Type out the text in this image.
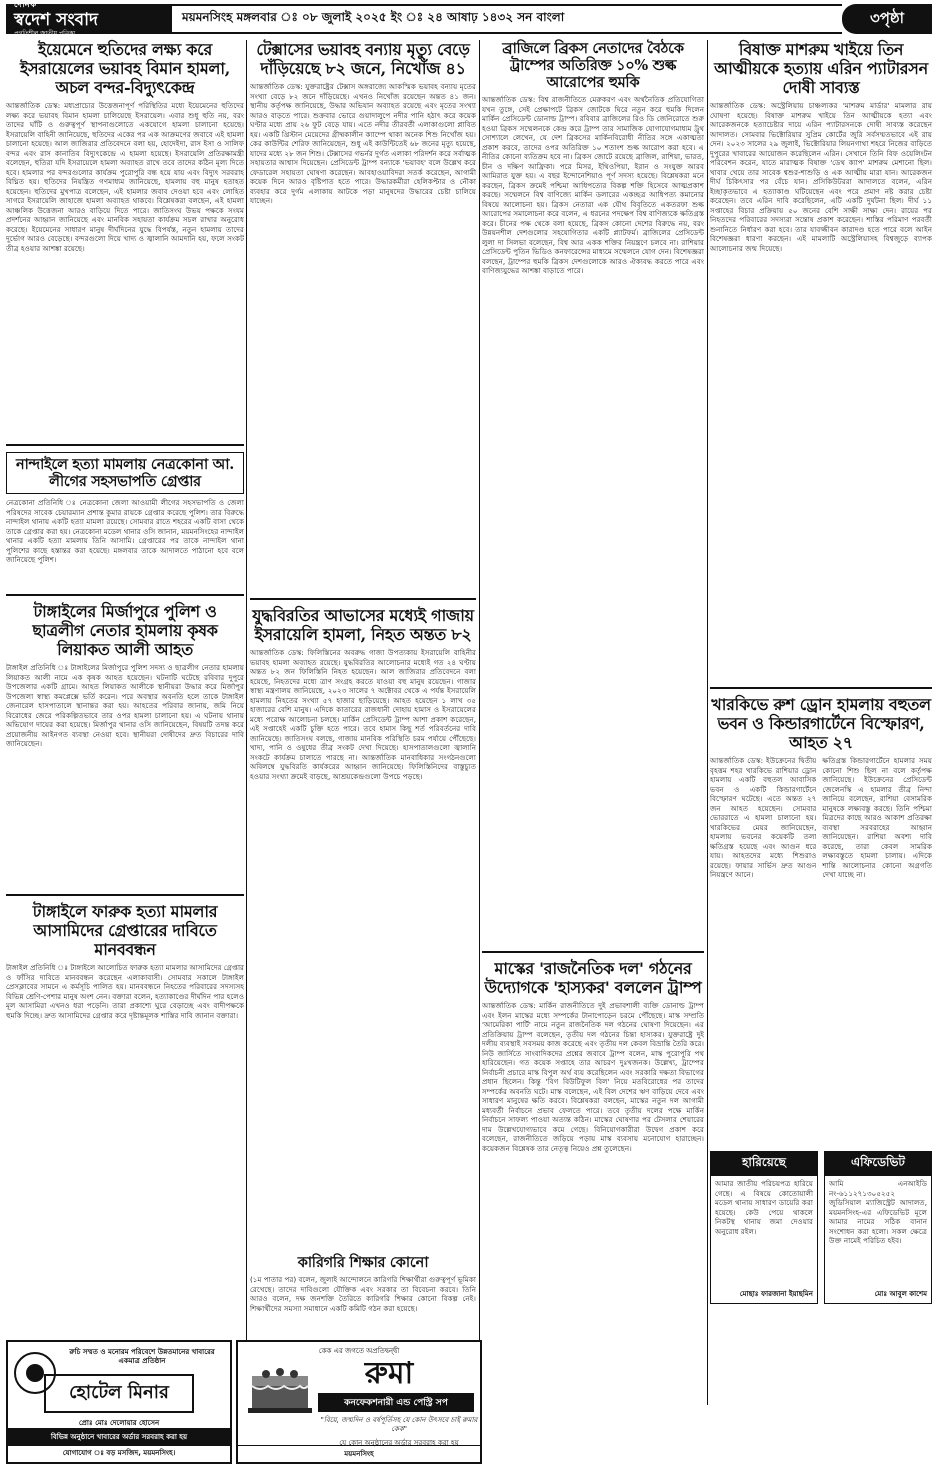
দৈনিক
স্বদেশ সংবাদ
প্রগতিশীল জাতীয় পত্রিকা
ময়মনসিংহ মঙ্গলবার ঃ ০৮ জুলাই ২০২৫ ইং ঃ ২৪ আষাঢ় ১৪৩২ সন বাংলা	৩পৃষ্ঠা
ইয়েমেনে হুতিদের লক্ষ্য করে ইসরায়েলের ভয়াবহ বিমান হামলা, অচল বন্দর-বিদ্যুৎকেন্দ্র

আন্তর্জাতিক ডেস্ক: মধ্যপ্রাচ্যের উত্তেজনাপূর্ণ পরিস্থিতির মধ্যে ইয়েমেনের হুতিদের লক্ষ্য করে ভয়াবহ বিমান হামলা চালিয়েছে ইসরায়েল। এবার শুধু হুতি নয়, বরং তাদের ঘাঁটি ও গুরুত্বপূর্ণ স্থাপনাগুলোতে একযোগে হামলা চালানো হয়েছে। ইসরায়েলি বাহিনী জানিয়েছে, হুতিদের একের পর এক আক্রমণের জবাবে এই হামলা চালানো হয়েছে। আল জাজিরার প্রতিবেদনে বলা হয়, হোদেইদা, রাস ইসা ও সালিফ বন্দর এবং রাস কানাতিব বিদ্যুৎকেন্দ্রে এ হামলা হয়েছে। ইসরায়েলি প্রতিরক্ষামন্ত্রী বলেছেন, হুতিরা যদি ইসরায়েলে হামলা অব্যাহত রাখে তবে তাদের কঠিন মূল্য দিতে হবে। হামলার পর বন্দরগুলোর কার্যক্রম পুরোপুরি বন্ধ হয়ে যায় এবং বিদ্যুৎ সরবরাহ বিঘ্নিত হয়। হুতিদের নিয়ন্ত্রিত গণমাধ্যম জানিয়েছে, হামলায় বহু মানুষ হতাহত হয়েছেন। হুতিদের মুখপাত্র বলেছেন, এই হামলার জবাব দেওয়া হবে এবং লোহিত সাগরে ইসরায়েলি জাহাজে হামলা অব্যাহত থাকবে। বিশ্লেষকরা বলছেন, এই হামলা আঞ্চলিক উত্তেজনা আরও বাড়িয়ে দিতে পারে। জাতিসংঘ উভয় পক্ষকে সংযম প্রদর্শনের আহ্বান জানিয়েছে এবং মানবিক সহায়তা কার্যক্রম সচল রাখার অনুরোধ করেছে। ইয়েমেনের সাধারণ মানুষ দীর্ঘদিনের যুদ্ধে বিপর্যস্ত, নতুন হামলায় তাদের দুর্ভোগ আরও বেড়েছে। বন্দরগুলো দিয়ে খাদ্য ও জ্বালানি আমদানি হয়, ফলে সংকট তীব্র হওয়ার আশঙ্কা রয়েছে।

নান্দাইলে হত্যা মামলায় নেত্রকোনা আ. লীগের সহসভাপতি গ্রেপ্তার

নেত্রকোনা প্রতিনিধি ঃ নেত্রকোনা জেলা আওয়ামী লীগের সহসভাপতি ও জেলা পরিষদের সাবেক চেয়ারম্যান প্রশান্ত কুমার রায়কে গ্রেপ্তার করেছে পুলিশ। তার বিরুদ্ধে নান্দাইল থানায় একটি হত্যা মামলা রয়েছে। সোমবার রাতে শহরের একটি বাসা থেকে তাকে গ্রেপ্তার করা হয়। নেত্রকোনা মডেল থানার ওসি জানান, ময়মনসিংহের নান্দাইল থানার একটি হত্যা মামলায় তিনি আসামি। গ্রেপ্তারের পর তাকে নান্দাইল থানা পুলিশের কাছে হস্তান্তর করা হয়েছে। মঙ্গলবার তাকে আদালতে পাঠানো হবে বলে জানিয়েছে পুলিশ।

টাঙ্গাইলের মির্জাপুরে পুলিশ ও ছাত্রলীগ নেতার হামলায় কৃষক লিয়াকত আলী আহত

টাঙ্গাইল প্রতিনিধি ঃ টাঙ্গাইলের মির্জাপুরে পুলিশ সদস্য ও ছাত্রলীগ নেতার হামলায় লিয়াকত আলী নামে এক কৃষক আহত হয়েছেন। ঘটনাটি ঘটেছে রবিবার দুপুরে উপজেলার একটি গ্রামে। আহত লিয়াকত আলীকে স্থানীয়রা উদ্ধার করে মির্জাপুর উপজেলা স্বাস্থ্য কমপ্লেক্সে ভর্তি করেন। পরে অবস্থার অবনতি হলে তাকে টাঙ্গাইল জেনারেল হাসপাতালে স্থানান্তর করা হয়। আহতের পরিবার জানায়, জমি নিয়ে বিরোধের জেরে পরিকল্পিতভাবে তার ওপর হামলা চালানো হয়। এ ঘটনায় থানায় অভিযোগ দায়ের করা হয়েছে। মির্জাপুর থানার ওসি জানিয়েছেন, বিষয়টি তদন্ত করে প্রয়োজনীয় আইনগত ব্যবস্থা নেওয়া হবে। স্থানীয়রা দোষীদের দ্রুত বিচারের দাবি জানিয়েছেন।

টাঙ্গাইলে ফারুক হত্যা মামলার আসামিদের গ্রেপ্তারের দাবিতে মানববন্ধন

টাঙ্গাইল প্রতিনিধি ঃ টাঙ্গাইলে আলোচিত ফারুক হত্যা মামলার আসামিদের গ্রেপ্তার ও ফাঁসির দাবিতে মানববন্ধন করেছেন এলাকাবাসী। সোমবার সকালে টাঙ্গাইল প্রেসক্লাবের সামনে এ কর্মসূচি পালিত হয়। মানববন্ধনে নিহতের পরিবারের সদস্যসহ বিভিন্ন শ্রেণি-পেশার মানুষ অংশ নেন। বক্তারা বলেন, হত্যাকাণ্ডের দীর্ঘদিন পার হলেও মূল আসামিরা এখনও ধরা পড়েনি। তারা প্রকাশ্যে ঘুরে বেড়াচ্ছে এবং বাদীপক্ষকে হুমকি দিচ্ছে। দ্রুত আসামিদের গ্রেপ্তার করে দৃষ্টান্তমূলক শাস্তির দাবি জানান বক্তারা।

টেক্সাসের ভয়াবহ বন্যায় মৃত্যু বেড়ে দাঁড়িয়েছে ৮২ জনে, নিখোঁজ ৪১

আন্তর্জাতিক ডেস্ক: যুক্তরাষ্ট্রের টেক্সাস অঙ্গরাজ্যে আকস্মিক ভয়াবহ বন্যায় মৃতের সংখ্যা বেড়ে ৮২ জনে দাঁড়িয়েছে। এখনও নিখোঁজ রয়েছেন অন্তত ৪১ জন। স্থানীয় কর্তৃপক্ষ জানিয়েছে, উদ্ধার অভিযান অব্যাহত রয়েছে এবং মৃতের সংখ্যা আরও বাড়তে পারে। শুক্রবার ভোরে গুয়াদালুপে নদীর পানি হঠাৎ করে কয়েক ঘণ্টার মধ্যে প্রায় ২৬ ফুট বেড়ে যায়। এতে নদীর তীরবর্তী এলাকাগুলো প্লাবিত হয়। একটি খ্রিস্টান মেয়েদের গ্রীষ্মকালীন ক্যাম্পে থাকা অনেক শিশু নিখোঁজ হয়। কের কাউন্টির শেরিফ জানিয়েছেন, শুধু এই কাউন্টিতেই ৬৮ জনের মৃত্যু হয়েছে, যাদের মধ্যে ২৮ জন শিশু। টেক্সাসের গভর্নর দুর্গত এলাকা পরিদর্শন করে সর্বাত্মক সহায়তার আশ্বাস দিয়েছেন। প্রেসিডেন্ট ট্রাম্প বন্যাকে 'ভয়াবহ' বলে উল্লেখ করে ফেডারেল সহায়তা ঘোষণা করেছেন। আবহাওয়াবিদরা সতর্ক করেছেন, আগামী কয়েক দিনে আরও বৃষ্টিপাত হতে পারে। উদ্ধারকর্মীরা হেলিকপ্টার ও নৌকা ব্যবহার করে দুর্গম এলাকায় আটকে পড়া মানুষদের উদ্ধারের চেষ্টা চালিয়ে যাচ্ছেন।

যুদ্ধবিরতির আভাসের মধ্যেই গাজায় ইসরায়েলি হামলা, নিহত অন্তত ৮২

আন্তর্জাতিক ডেস্ক: ফিলিস্তিনের অবরুদ্ধ গাজা উপত্যকায় ইসরায়েলি বাহিনীর ভয়াবহ হামলা অব্যাহত রয়েছে। যুদ্ধবিরতির আলোচনার মধ্যেই গত ২৪ ঘণ্টায় অন্তত ৮২ জন ফিলিস্তিনি নিহত হয়েছেন। আল জাজিরার প্রতিবেদনে বলা হয়েছে, নিহতদের মধ্যে ত্রাণ সংগ্রহ করতে যাওয়া বহু মানুষ রয়েছেন। গাজার স্বাস্থ্য মন্ত্রণালয় জানিয়েছে, ২০২৩ সালের ৭ অক্টোবর থেকে এ পর্যন্ত ইসরায়েলি হামলায় নিহতের সংখ্যা ৫৭ হাজার ছাড়িয়েছে। আহত হয়েছেন ১ লাখ ৩৫ হাজারের বেশি মানুষ। এদিকে কাতারের রাজধানী দোহায় হামাস ও ইসরায়েলের মধ্যে পরোক্ষ আলোচনা চলছে। মার্কিন প্রেসিডেন্ট ট্রাম্প আশা প্রকাশ করেছেন, এই সপ্তাহেই একটি চুক্তি হতে পারে। তবে হামাস কিছু শর্ত পরিবর্তনের দাবি জানিয়েছে। জাতিসংঘ বলছে, গাজায় মানবিক পরিস্থিতি চরম পর্যায়ে পৌঁছেছে। খাদ্য, পানি ও ওষুধের তীব্র সংকট দেখা দিয়েছে। হাসপাতালগুলো জ্বালানি সংকটে কার্যক্রম চালাতে পারছে না। আন্তর্জাতিক মানবাধিকার সংগঠনগুলো অবিলম্বে যুদ্ধবিরতি কার্যকরের আহ্বান জানিয়েছে। ফিলিস্তিনিদের বাস্তুচ্যুত হওয়ার সংখ্যা ক্রমেই বাড়ছে, আশ্রয়কেন্দ্রগুলো উপচে পড়ছে।

কারিগরি শিক্ষার কোনো

(১ম পাতার পর) বলেন, জুলাই আন্দোলনে কারিগরি শিক্ষার্থীরা গুরুত্বপূর্ণ ভূমিকা রেখেছে। তাদের দাবিগুলো যৌক্তিক এবং সরকার তা বিবেচনা করবে। তিনি আরও বলেন, দক্ষ জনশক্তি তৈরিতে কারিগরি শিক্ষার কোনো বিকল্প নেই। শিক্ষার্থীদের সমস্যা সমাধানে একটি কমিটি গঠন করা হয়েছে।

ব্রাজিলে ব্রিকস নেতাদের বৈঠকে ট্রাম্পের অতিরিক্ত ১০% শুল্ক আরোপের হুমকি

আন্তর্জাতিক ডেস্ক: বিশ্ব রাজনীতিতে মেরুকরণ এবং অর্থনৈতিক প্রতিযোগিতা যখন তুঙ্গে, সেই প্রেক্ষাপটে ব্রিকস জোটকে ঘিরে নতুন করে হুমকি দিলেন মার্কিন প্রেসিডেন্ট ডোনাল্ড ট্রাম্প। রবিবার ব্রাজিলের রিও ডি জেনিরোতে শুরু হওয়া ব্রিকস সম্মেলনকে কেন্দ্র করে ট্রাম্প তার সামাজিক যোগাযোগমাধ্যম ট্রুথ সোশ্যালে লেখেন, যে দেশ ব্রিকসের মার্কিনবিরোধী নীতির সঙ্গে একাত্মতা প্রকাশ করবে, তাদের ওপর অতিরিক্ত ১০ শতাংশ শুল্ক আরোপ করা হবে। এ নীতির কোনো ব্যতিক্রম হবে না। ব্রিকস জোটে রয়েছে ব্রাজিল, রাশিয়া, ভারত, চীন ও দক্ষিণ আফ্রিকা। পরে মিসর, ইথিওপিয়া, ইরান ও সংযুক্ত আরব আমিরাত যুক্ত হয়। এ বছর ইন্দোনেশিয়াও পূর্ণ সদস্য হয়েছে। বিশ্লেষকরা মনে করছেন, ব্রিকস ক্রমেই পশ্চিমা আধিপত্যের বিকল্প শক্তি হিসেবে আত্মপ্রকাশ করছে। সম্মেলনে বিশ্ব বাণিজ্যে মার্কিন ডলারের একচ্ছত্র আধিপত্য কমানোর বিষয়ে আলোচনা হয়। ব্রিকস নেতারা এক যৌথ বিবৃতিতে একতরফা শুল্ক আরোপের সমালোচনা করে বলেন, এ ধরনের পদক্ষেপ বিশ্ব বাণিজ্যকে ক্ষতিগ্রস্ত করে। চীনের পক্ষ থেকে বলা হয়েছে, ব্রিকস কোনো দেশের বিরুদ্ধে নয়, বরং উন্নয়নশীল দেশগুলোর সহযোগিতার একটি প্ল্যাটফর্ম। ব্রাজিলের প্রেসিডেন্ট লুলা দা সিলভা বলেছেন, বিশ্ব আর একক শক্তির নিয়ন্ত্রণে চলবে না। রাশিয়ার প্রেসিডেন্ট পুতিন ভিডিও কনফারেন্সের মাধ্যমে সম্মেলনে যোগ দেন। বিশেষজ্ঞরা বলছেন, ট্রাম্পের হুমকি ব্রিকস দেশগুলোকে আরও ঐক্যবদ্ধ করতে পারে এবং বাণিজ্যযুদ্ধের আশঙ্কা বাড়াতে পারে।

মাস্কের 'রাজনৈতিক দল' গঠনের উদ্যোগকে 'হাস্যকর' বললেন ট্রাম্প

আন্তর্জাতিক ডেস্ক: মার্কিন রাজনীতিতে দুই প্রভাবশালী ব্যক্তি ডোনাল্ড ট্রাম্প এবং ইলন মাস্কের মধ্যে সম্পর্কের টানাপোড়েন চরমে পৌঁছেছে। মাস্ক সম্প্রতি 'আমেরিকা পার্টি' নামে নতুন রাজনৈতিক দল গঠনের ঘোষণা দিয়েছেন। এর প্রতিক্রিয়ায় ট্রাম্প বলেছেন, তৃতীয় দল গঠনের চিন্তা হাস্যকর। যুক্তরাষ্ট্রে দুই দলীয় ব্যবস্থাই সবসময় কাজ করেছে এবং তৃতীয় দল কেবল বিভ্রান্তি তৈরি করে। নিউ জার্সিতে সাংবাদিকদের প্রশ্নের জবাবে ট্রাম্প বলেন, মাস্ক পুরোপুরি পথ হারিয়েছেন। গত কয়েক সপ্তাহে তার আচরণ দুঃখজনক। উল্লেখ্য, ট্রাম্পের নির্বাচনী প্রচারে মাস্ক বিপুল অর্থ ব্যয় করেছিলেন এবং সরকারি দক্ষতা বিভাগের প্রধান ছিলেন। কিন্তু 'বিগ বিউটিফুল বিল' নিয়ে মতবিরোধের পর তাদের সম্পর্কের অবনতি ঘটে। মাস্ক বলেছেন, এই বিল দেশের ঋণ বাড়িয়ে দেবে এবং সাধারণ মানুষের ক্ষতি করবে। বিশ্লেষকরা বলছেন, মাস্কের নতুন দল আগামী মধ্যবর্তী নির্বাচনে প্রভাব ফেলতে পারে। তবে তৃতীয় দলের পক্ষে মার্কিন নির্বাচনে সাফল্য পাওয়া অত্যন্ত কঠিন। মাস্কের ঘোষণার পর টেসলার শেয়ারের দাম উল্লেখযোগ্যভাবে কমে গেছে। বিনিয়োগকারীরা উদ্বেগ প্রকাশ করে বলেছেন, রাজনীতিতে জড়িয়ে পড়ায় মাস্ক ব্যবসায় মনোযোগ হারাচ্ছেন। কয়েকজন বিশ্লেষক তার নেতৃত্ব নিয়েও প্রশ্ন তুলেছেন।

বিষাক্ত মাশরুম খাইয়ে তিন আত্মীয়কে হত্যায় এরিন প্যাটারসন দোষী সাব্যস্ত

আন্তর্জাতিক ডেস্ক: অস্ট্রেলিয়ায় চাঞ্চল্যকর 'মাশরুম মার্ডার' মামলার রায় ঘোষণা হয়েছে। বিষাক্ত মাশরুম খাইয়ে তিন আত্মীয়কে হত্যা এবং আরেকজনকে হত্যাচেষ্টার দায়ে এরিন প্যাটারসনকে দোষী সাব্যস্ত করেছেন আদালত। সোমবার ভিক্টোরিয়ার সুপ্রিম কোর্টের জুরি সর্বসম্মতভাবে এই রায় দেন। ২০২৩ সালের ২৯ জুলাই, ভিক্টোরিয়ার লিয়নগাথা শহরে নিজের বাড়িতে দুপুরের খাবারের আয়োজন করেছিলেন এরিন। সেখানে তিনি বিফ ওয়েলিংটন পরিবেশন করেন, যাতে মারাত্মক বিষাক্ত 'ডেথ ক্যাপ' মাশরুম মেশানো ছিল। খাবার খেয়ে তার সাবেক শ্বশুর-শাশুড়ি ও এক আত্মীয় মারা যান। আরেকজন দীর্ঘ চিকিৎসার পর বেঁচে যান। প্রসিকিউটররা আদালতে বলেন, এরিন ইচ্ছাকৃতভাবে এ হত্যাকাণ্ড ঘটিয়েছেন এবং পরে প্রমাণ নষ্ট করার চেষ্টা করেছেন। তবে এরিন দাবি করেছিলেন, এটি একটি দুর্ঘটনা ছিল। দীর্ঘ ১১ সপ্তাহের বিচার প্রক্রিয়ায় ৫০ জনের বেশি সাক্ষী সাক্ষ্য দেন। রায়ের পর নিহতদের পরিবারের সদস্যরা সন্তোষ প্রকাশ করেছেন। শাস্তির পরিমাণ পরবর্তী শুনানিতে নির্ধারণ করা হবে। তার যাবজ্জীবন কারাদণ্ড হতে পারে বলে আইন বিশেষজ্ঞরা ধারণা করছেন। এই মামলাটি অস্ট্রেলিয়াসহ বিশ্বজুড়ে ব্যাপক আলোচনার জন্ম দিয়েছে।

খারকিভে রুশ ড্রোন হামলায় বহুতল ভবন ও কিন্ডারগার্টেনে বিস্ফোরণ, আহত ২৭

আন্তর্জাতিক ডেস্ক: ইউক্রেনের দ্বিতীয় বৃহত্তম শহর খারকিভে রাশিয়ার ড্রোন হামলায় একটি বহুতল আবাসিক ভবন ও একটি কিন্ডারগার্টেনে বিস্ফোরণ ঘটেছে। এতে অন্তত ২৭ জন আহত হয়েছেন। সোমবার ভোররাতে এ হামলা চালানো হয়। খারকিভের মেয়র জানিয়েছেন, হামলায় ভবনের কয়েকটি তলা ক্ষতিগ্রস্ত হয়েছে এবং আগুন ধরে যায়। আহতদের মধ্যে শিশুরাও রয়েছে। ফায়ার সার্ভিস দ্রুত আগুন নিয়ন্ত্রণে আনে।

ক্ষতিগ্রস্ত কিন্ডারগার্টেনে হামলার সময় কোনো শিশু ছিল না বলে কর্তৃপক্ষ জানিয়েছে। ইউক্রেনের প্রেসিডেন্ট জেলেনস্কি এ হামলার তীব্র নিন্দা জানিয়ে বলেছেন, রাশিয়া বেসামরিক মানুষকে লক্ষ্যবস্তু করছে। তিনি পশ্চিমা মিত্রদের কাছে আরও আকাশ প্রতিরক্ষা ব্যবস্থা সরবরাহের আহ্বান জানিয়েছেন। রাশিয়া অবশ্য দাবি করেছে, তারা কেবল সামরিক লক্ষ্যবস্তুতে হামলা চালায়। এদিকে শান্তি আলোচনার কোনো অগ্রগতি দেখা যাচ্ছে না।

হারিয়েছে

আমার জাতীয় পরিচয়পত্র হারিয়ে গেছে। এ বিষয়ে কোতোয়ালী মডেল থানায় সাধারণ ডায়েরি করা হয়েছে। কেউ পেয়ে থাকলে নিকটস্থ থানায় জমা দেওয়ার অনুরোধ রইল।

মোছাঃ ফারজানা ইয়াছমিন
এফিডেভিট

আমি এনআইডি নং-৬১১২৭১৩০৫২৫২ জুডিসিয়াল ম্যাজিস্ট্রেট আদালত, ময়মনসিংহ-এর এফিডেভিট মূলে আমার নামের সঠিক বানান সংশোধন করা হলো। সকল ক্ষেত্রে উক্ত নামেই পরিচিত হইব।

মোঃ আবুল কাশেম
রুচি সম্মত ও মনোরম পরিবেশে উন্নতমানের খাবারের একমাত্র প্রতিষ্ঠান
হোটেল মিনার
প্রোঃ মোঃ দেলোয়ার হোসেন
বিভিন্ন অনুষ্ঠানে খাবারের অর্ডার সরবরাহ করা হয়
যোগাযোগ ঃ বড় মসজিদ, ময়মনসিংহ।
কেক এর জগতে অপ্রতিদ্বন্দ্বী
রুমা
কনফেকশনারী এন্ড পেস্ট্রি সপ
"বিয়ে, জন্মদিন ও বর্ষপূর্তিসহ যে কোন উৎসবে চাই রুমার কেক"
যে কোন অনুষ্ঠানের অর্ডার সরবরাহ করা হয়
ময়মনসিংহ
